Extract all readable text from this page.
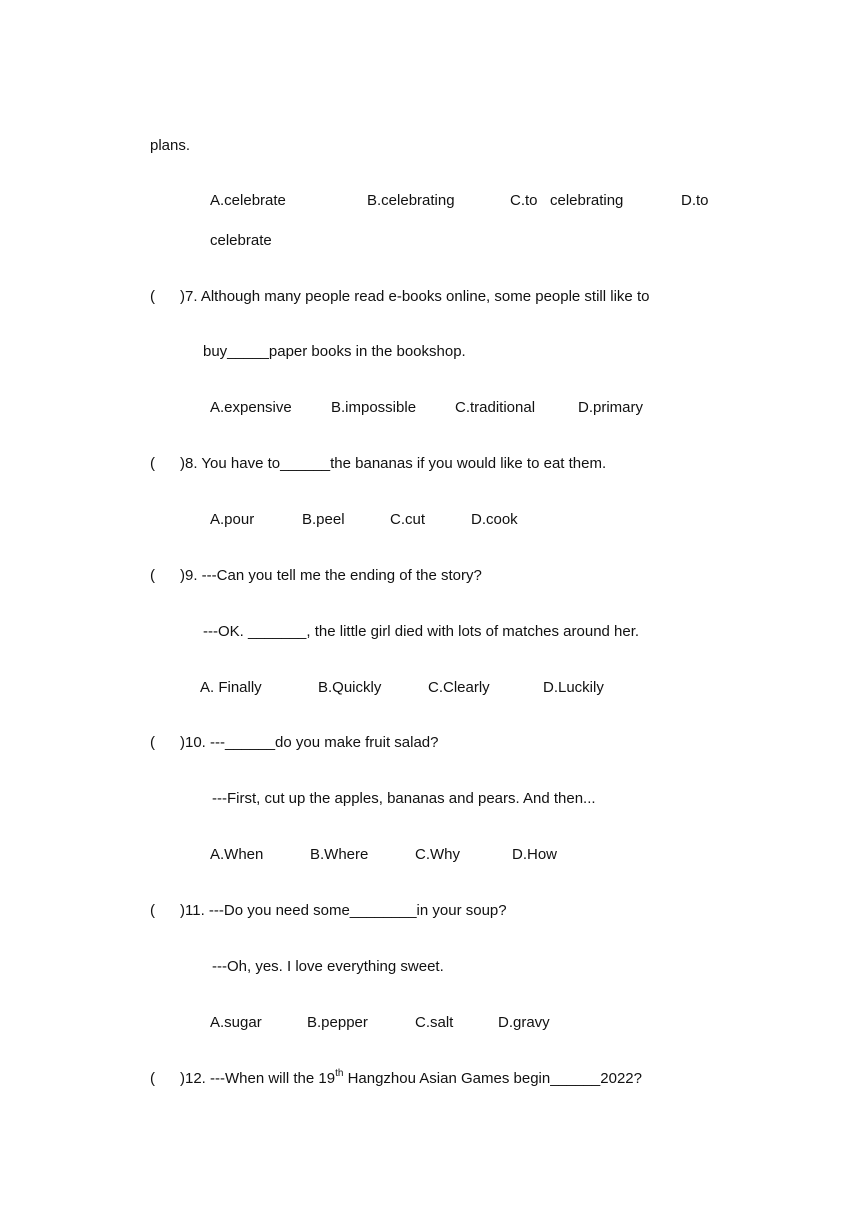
plans.
A.celebrate	B.celebrating	C.to   celebrating	D.to
celebrate
(      )7. Although many people read e-books online, some people still like to
buy_____paper books in the bookshop.
A.expensive	B.impossible	C.traditional	D.primary
(      )8. You have to______the bananas if you would like to eat them.
A.pour	B.peel	C.cut	D.cook
(      )9. ---Can you tell me the ending of the story?
---OK. _______, the little girl died with lots of matches around her.
A. Finally	B.Quickly	C.Clearly	D.Luckily
(      )10. ---______do you make fruit salad?
---First, cut up the apples, bananas and pears. And then...
A.When	B.Where	C.Why	D.How
(      )11. ---Do you need some________in your soup?
---Oh, yes. I love everything sweet.
A.sugar	B.pepper	C.salt	D.gravy
(      )12. ---When will the 19th Hangzhou Asian Games begin______2022?
